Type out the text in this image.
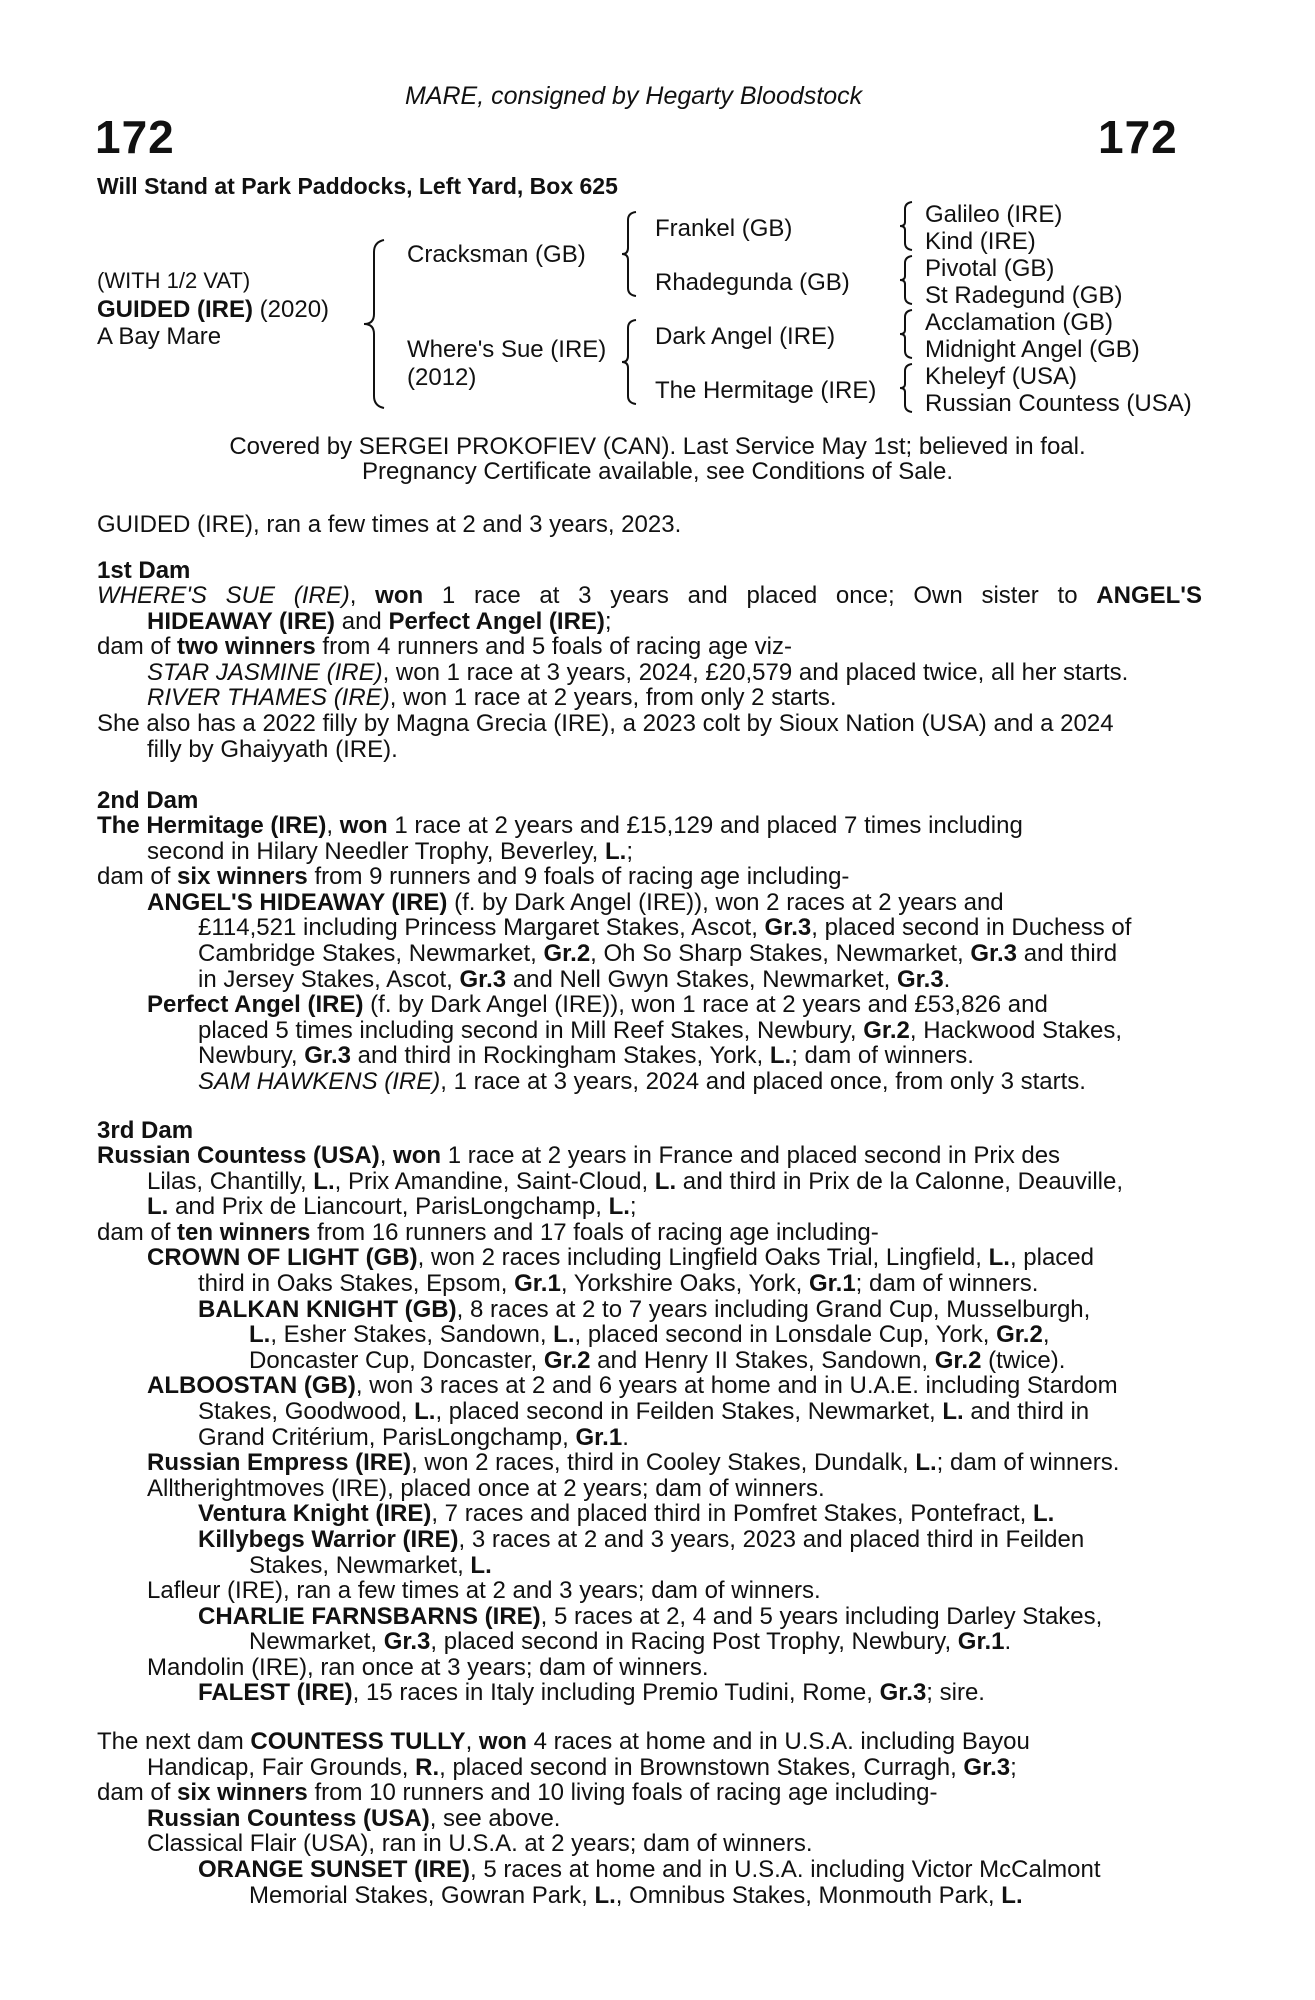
MARE, consigned by Hegarty Bloodstock
172	172
Will Stand at Park Paddocks, Left Yard, Box 625
(WITH 1/2 VAT)
GUIDED (IRE) (2020)
A Bay Mare
Cracksman (GB)
Where's Sue (IRE)
(2012)
Frankel (GB)
Rhadegunda (GB)
Dark Angel (IRE)
The Hermitage (IRE)
Galileo (IRE)
Kind (IRE)
Pivotal (GB)
St Radegund (GB)
Acclamation (GB)
Midnight Angel (GB)
Kheleyf (USA)
Russian Countess (USA)
Covered by SERGEI PROKOFIEV (CAN). Last Service May 1st; believed in foal.
Pregnancy Certificate available, see Conditions of Sale.
GUIDED (IRE), ran a few times at 2 and 3 years, 2023.
1st Dam
WHERE'S SUE (IRE), won 1 race at 3 years and placed once; Own sister to ANGEL'S
HIDEAWAY (IRE) and Perfect Angel (IRE);
dam of two winners from 4 runners and 5 foals of racing age viz-
STAR JASMINE (IRE), won 1 race at 3 years, 2024, £20,579 and placed twice, all her starts.
RIVER THAMES (IRE), won 1 race at 2 years, from only 2 starts.
She also has a 2022 filly by Magna Grecia (IRE), a 2023 colt by Sioux Nation (USA) and a 2024
filly by Ghaiyyath (IRE).
2nd Dam
The Hermitage (IRE), won 1 race at 2 years and £15,129 and placed 7 times including
second in Hilary Needler Trophy, Beverley, L.;
dam of six winners from 9 runners and 9 foals of racing age including-
ANGEL'S HIDEAWAY (IRE) (f. by Dark Angel (IRE)), won 2 races at 2 years and
£114,521 including Princess Margaret Stakes, Ascot, Gr.3, placed second in Duchess of
Cambridge Stakes, Newmarket, Gr.2, Oh So Sharp Stakes, Newmarket, Gr.3 and third
in Jersey Stakes, Ascot, Gr.3 and Nell Gwyn Stakes, Newmarket, Gr.3.
Perfect Angel (IRE) (f. by Dark Angel (IRE)), won 1 race at 2 years and £53,826 and
placed 5 times including second in Mill Reef Stakes, Newbury, Gr.2, Hackwood Stakes,
Newbury, Gr.3 and third in Rockingham Stakes, York, L.; dam of winners.
SAM HAWKENS (IRE), 1 race at 3 years, 2024 and placed once, from only 3 starts.
3rd Dam
Russian Countess (USA), won 1 race at 2 years in France and placed second in Prix des
Lilas, Chantilly, L., Prix Amandine, Saint-Cloud, L. and third in Prix de la Calonne, Deauville,
L. and Prix de Liancourt, ParisLongchamp, L.;
dam of ten winners from 16 runners and 17 foals of racing age including-
CROWN OF LIGHT (GB), won 2 races including Lingfield Oaks Trial, Lingfield, L., placed
third in Oaks Stakes, Epsom, Gr.1, Yorkshire Oaks, York, Gr.1; dam of winners.
BALKAN KNIGHT (GB), 8 races at 2 to 7 years including Grand Cup, Musselburgh,
L., Esher Stakes, Sandown, L., placed second in Lonsdale Cup, York, Gr.2,
Doncaster Cup, Doncaster, Gr.2 and Henry II Stakes, Sandown, Gr.2 (twice).
ALBOOSTAN (GB), won 3 races at 2 and 6 years at home and in U.A.E. including Stardom
Stakes, Goodwood, L., placed second in Feilden Stakes, Newmarket, L. and third in
Grand Critérium, ParisLongchamp, Gr.1.
Russian Empress (IRE), won 2 races, third in Cooley Stakes, Dundalk, L.; dam of winners.
Alltherightmoves (IRE), placed once at 2 years; dam of winners.
Ventura Knight (IRE), 7 races and placed third in Pomfret Stakes, Pontefract, L.
Killybegs Warrior (IRE), 3 races at 2 and 3 years, 2023 and placed third in Feilden
Stakes, Newmarket, L.
Lafleur (IRE), ran a few times at 2 and 3 years; dam of winners.
CHARLIE FARNSBARNS (IRE), 5 races at 2, 4 and 5 years including Darley Stakes,
Newmarket, Gr.3, placed second in Racing Post Trophy, Newbury, Gr.1.
Mandolin (IRE), ran once at 3 years; dam of winners.
FALEST (IRE), 15 races in Italy including Premio Tudini, Rome, Gr.3; sire.
The next dam COUNTESS TULLY, won 4 races at home and in U.S.A. including Bayou
Handicap, Fair Grounds, R., placed second in Brownstown Stakes, Curragh, Gr.3;
dam of six winners from 10 runners and 10 living foals of racing age including-
Russian Countess (USA), see above.
Classical Flair (USA), ran in U.S.A. at 2 years; dam of winners.
ORANGE SUNSET (IRE), 5 races at home and in U.S.A. including Victor McCalmont
Memorial Stakes, Gowran Park, L., Omnibus Stakes, Monmouth Park, L.
